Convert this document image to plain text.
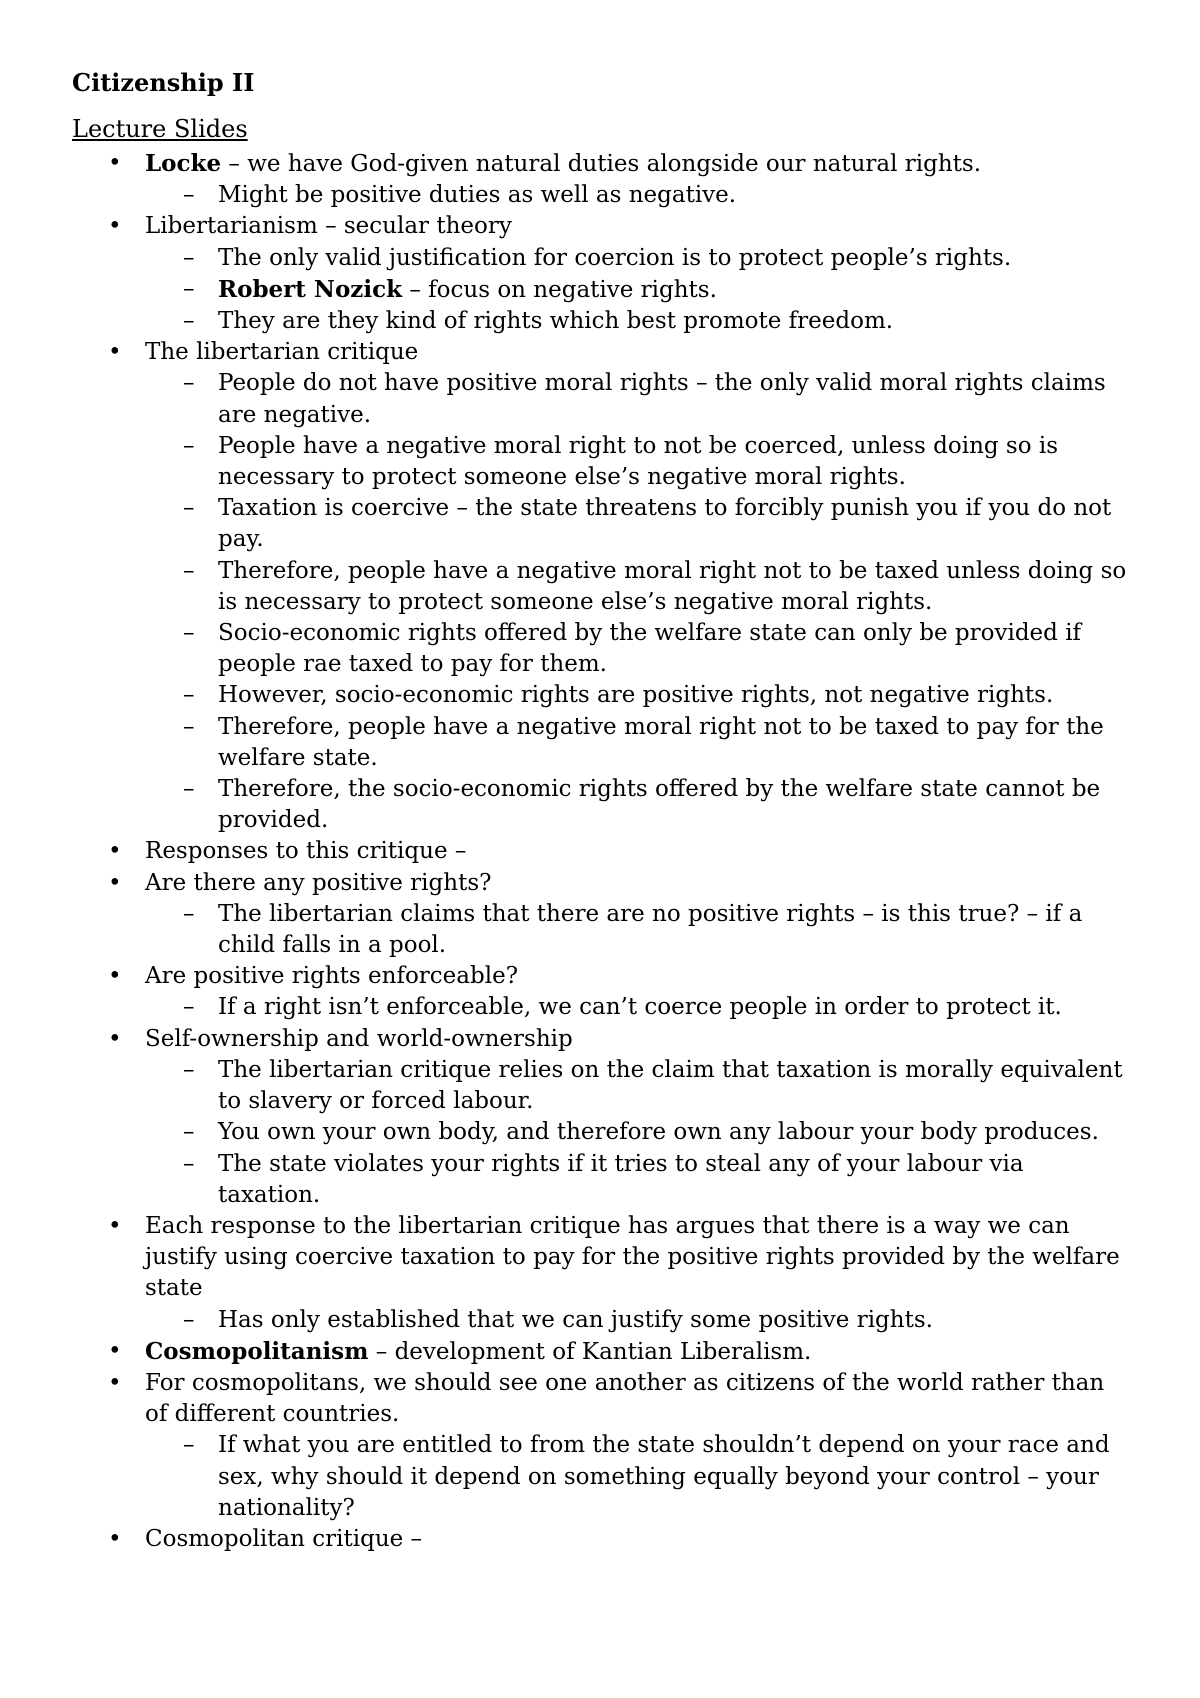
Citizenship II
Lecture Slides
• Locke – we have God-given natural duties alongside our natural rights.
– Might be positive duties as well as negative.
• Libertarianism – secular theory
– The only valid justification for coercion is to protect people’s rights.
– Robert Nozick – focus on negative rights.
– They are they kind of rights which best promote freedom.
• The libertarian critique
– People do not have positive moral rights – the only valid moral rights claims are negative.
– People have a negative moral right to not be coerced, unless doing so is necessary to protect someone else’s negative moral rights.
– Taxation is coercive – the state threatens to forcibly punish you if you do not pay.
– Therefore, people have a negative moral right not to be taxed unless doing so is necessary to protect someone else’s negative moral rights.
– Socio-economic rights offered by the welfare state can only be provided if people rae taxed to pay for them.
– However, socio-economic rights are positive rights, not negative rights.
– Therefore, people have a negative moral right not to be taxed to pay for the welfare state.
– Therefore, the socio-economic rights offered by the welfare state cannot be provided.
• Responses to this critique –
• Are there any positive rights?
– The libertarian claims that there are no positive rights – is this true? – if a child falls in a pool.
• Are positive rights enforceable?
– If a right isn’t enforceable, we can’t coerce people in order to protect it.
• Self-ownership and world-ownership
– The libertarian critique relies on the claim that taxation is morally equivalent to slavery or forced labour.
– You own your own body, and therefore own any labour your body produces.
– The state violates your rights if it tries to steal any of your labour via taxation.
• Each response to the libertarian critique has argues that there is a way we can justify using coercive taxation to pay for the positive rights provided by the welfare state
– Has only established that we can justify some positive rights.
• Cosmopolitanism – development of Kantian Liberalism.
• For cosmopolitans, we should see one another as citizens of the world rather than of different countries.
– If what you are entitled to from the state shouldn’t depend on your race and sex, why should it depend on something equally beyond your control – your nationality?
• Cosmopolitan critique –
